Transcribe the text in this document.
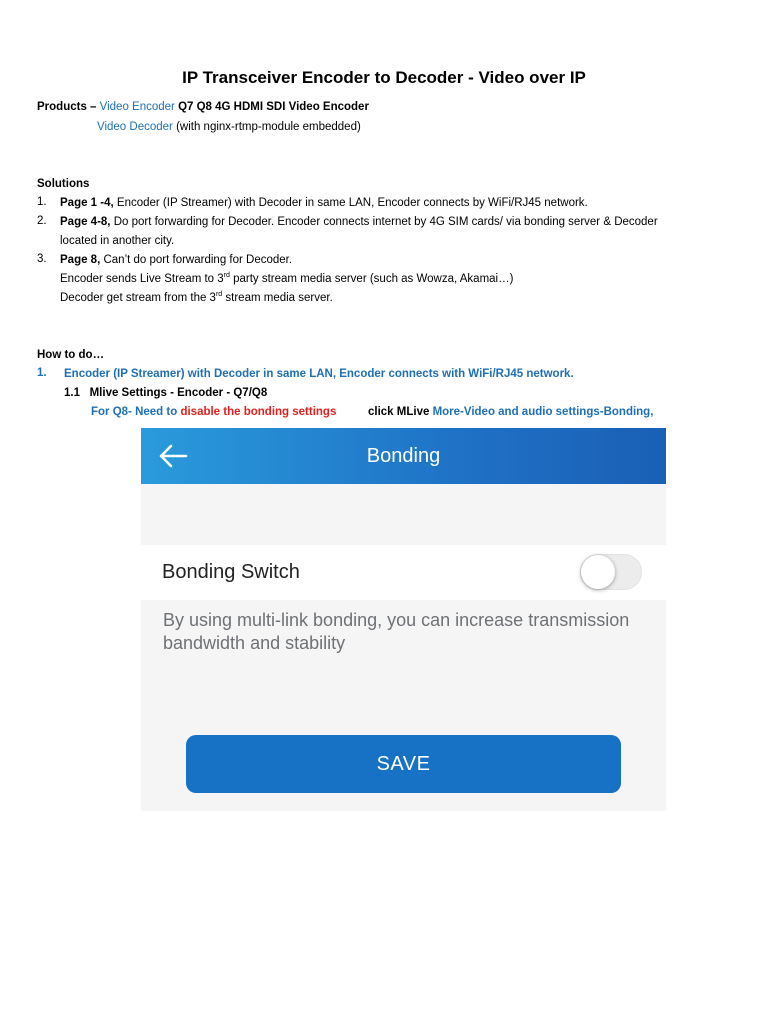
IP Transceiver Encoder to Decoder - Video over IP
Products – Video Encoder Q7 Q8 4G HDMI SDI Video Encoder
Video Decoder (with nginx-rtmp-module embedded)
Solutions
1. Page 1 -4, Encoder (IP Streamer) with Decoder in same LAN, Encoder connects by WiFi/RJ45 network.
2. Page 4-8, Do port forwarding for Decoder. Encoder connects internet by 4G SIM cards/ via bonding server & Decoder
located in another city.
3. Page 8, Can’t do port forwarding for Decoder.
Encoder sends Live Stream to 3rd party stream media server (such as Wowza, Akamai…)
Decoder get stream from the 3rd stream media server.
How to do…
1. Encoder (IP Streamer) with Decoder in same LAN, Encoder connects with WiFi/RJ45 network.
1.1 Mlive Settings - Encoder - Q7/Q8
For Q8- Need to disable the bonding settings	click MLive More-Video and audio settings-Bonding,
Bonding
Bonding Switch
By using multi-link bonding, you can increase transmission bandwidth and stability
SAVE
